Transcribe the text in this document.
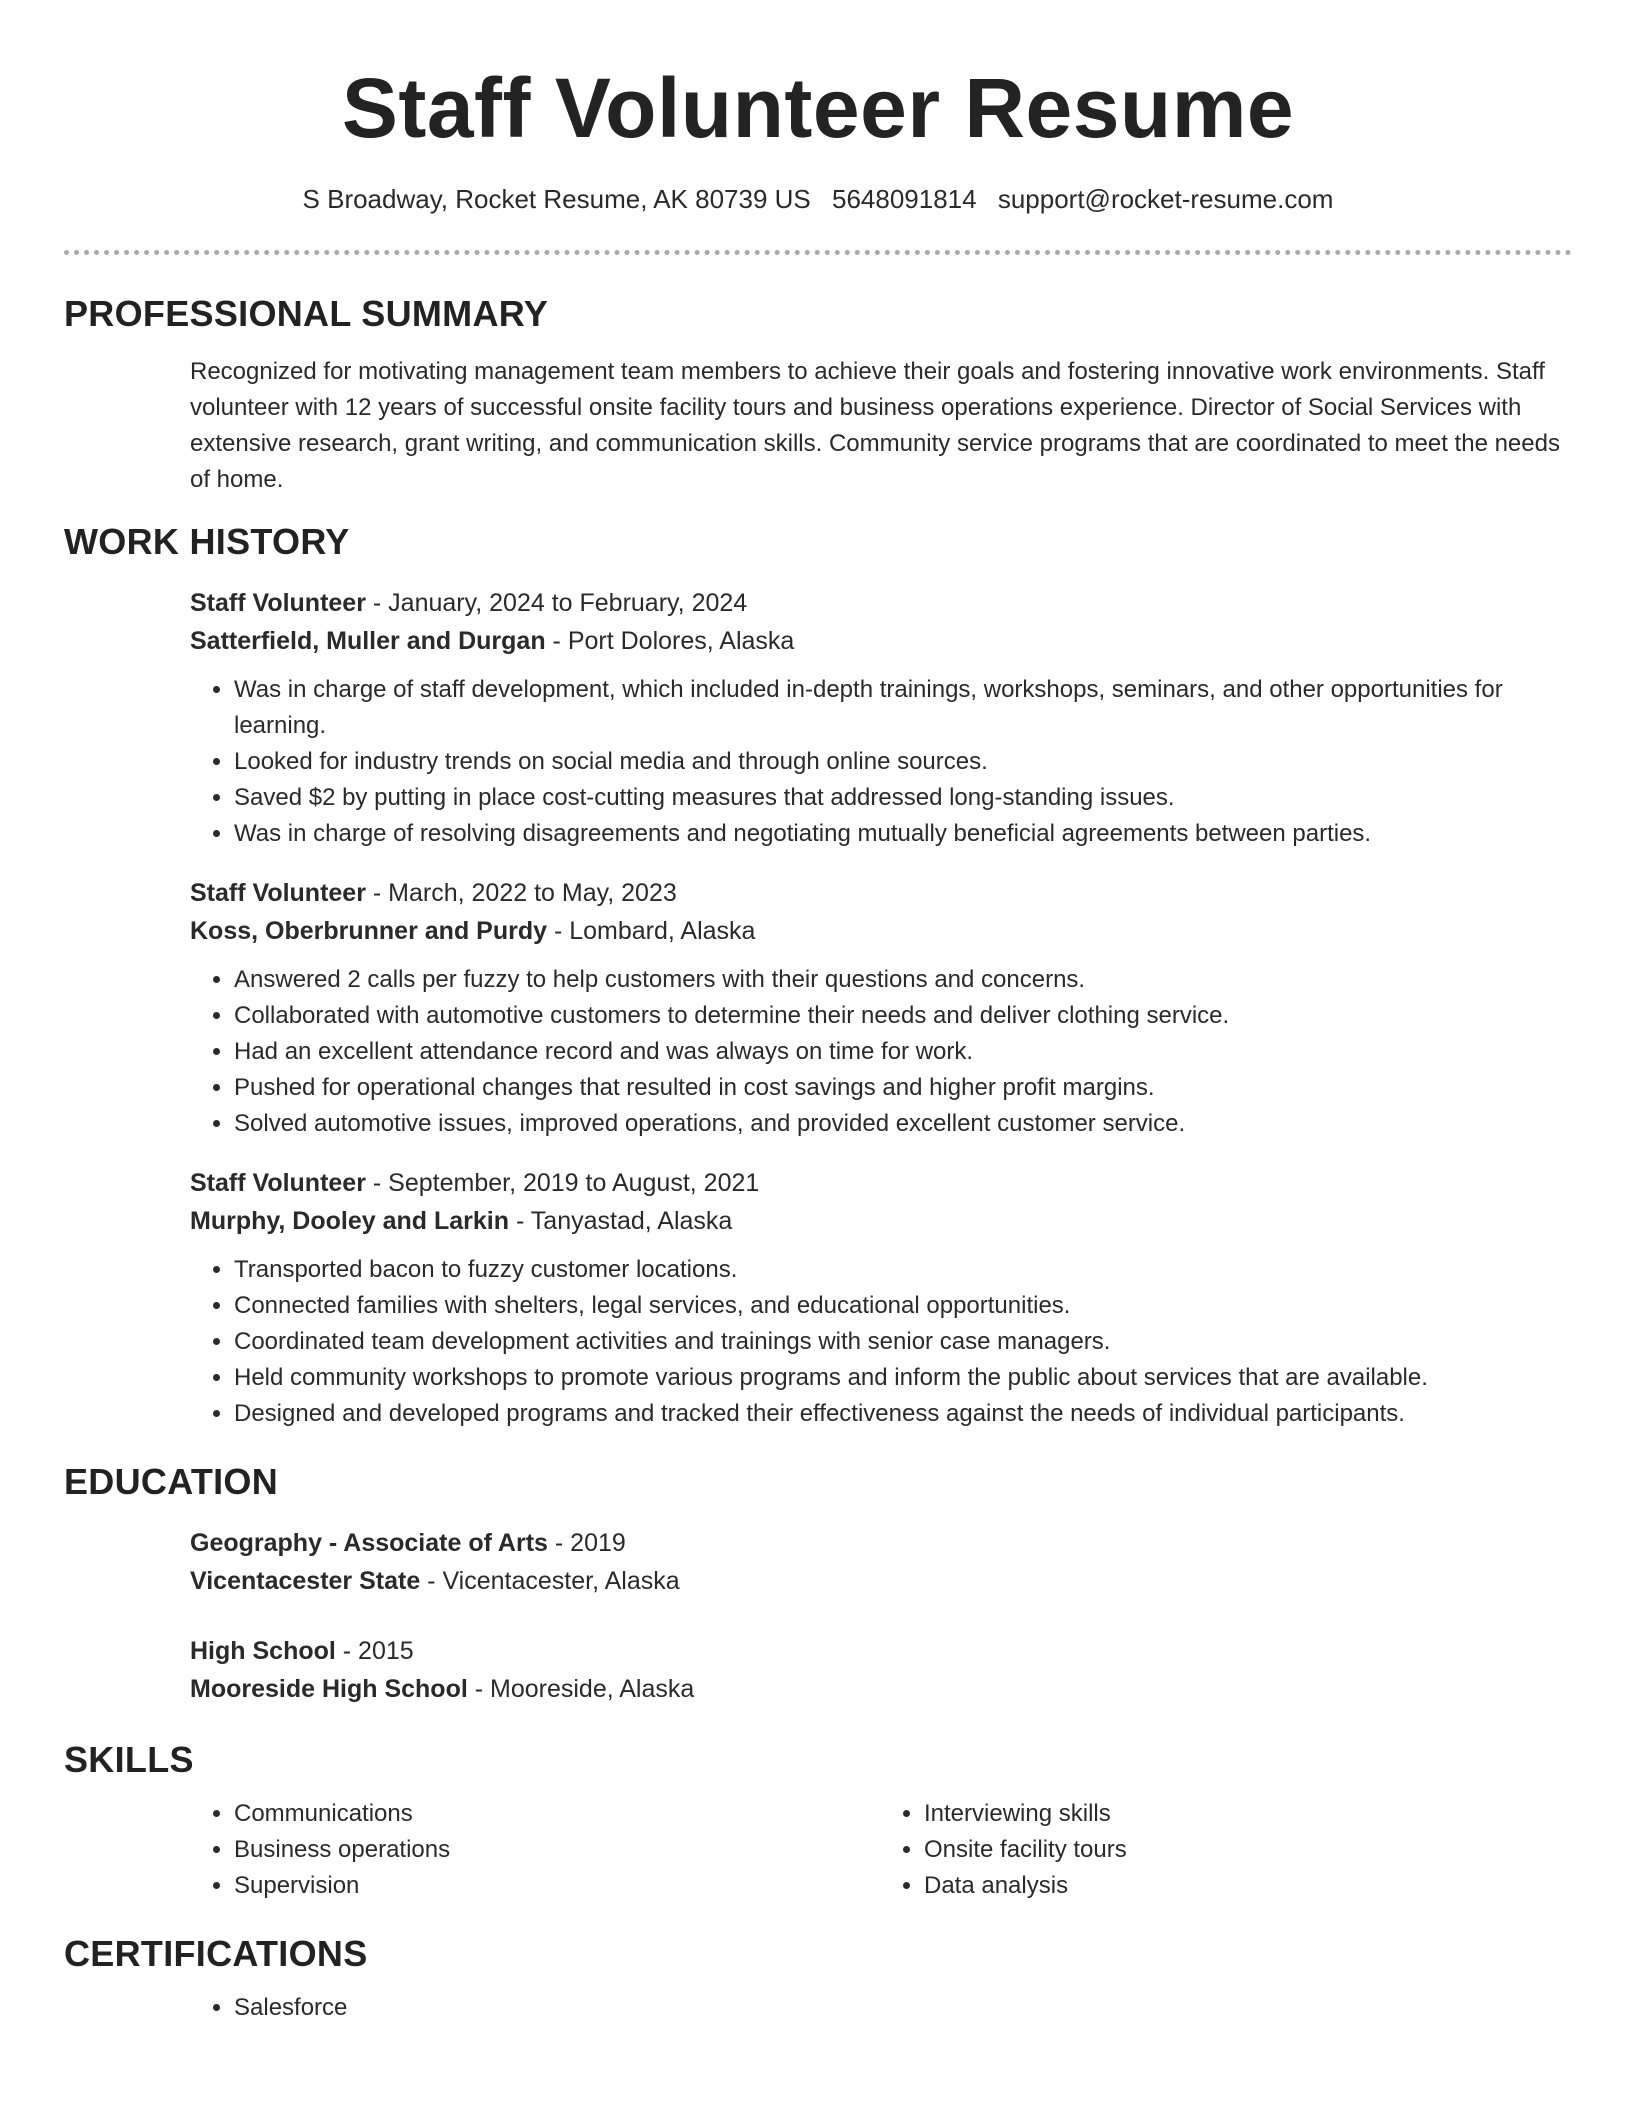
Staff Volunteer Resume
S Broadway, Rocket Resume, AK 80739 US 5648091814 support@rocket-resume.com
PROFESSIONAL SUMMARY
Recognized for motivating management team members to achieve their goals and fostering innovative work environments. Staff volunteer with 12 years of successful onsite facility tours and business operations experience. Director of Social Services with extensive research, grant writing, and communication skills. Community service programs that are coordinated to meet the needs of home.
WORK HISTORY
Staff Volunteer - January, 2024 to February, 2024
Satterfield, Muller and Durgan - Port Dolores, Alaska
• Was in charge of staff development, which included in-depth trainings, workshops, seminars, and other opportunities for learning.
• Looked for industry trends on social media and through online sources.
• Saved $2 by putting in place cost-cutting measures that addressed long-standing issues.
• Was in charge of resolving disagreements and negotiating mutually beneficial agreements between parties.
Staff Volunteer - March, 2022 to May, 2023
Koss, Oberbrunner and Purdy - Lombard, Alaska
• Answered 2 calls per fuzzy to help customers with their questions and concerns.
• Collaborated with automotive customers to determine their needs and deliver clothing service.
• Had an excellent attendance record and was always on time for work.
• Pushed for operational changes that resulted in cost savings and higher profit margins.
• Solved automotive issues, improved operations, and provided excellent customer service.
Staff Volunteer - September, 2019 to August, 2021
Murphy, Dooley and Larkin - Tanyastad, Alaska
• Transported bacon to fuzzy customer locations.
• Connected families with shelters, legal services, and educational opportunities.
• Coordinated team development activities and trainings with senior case managers.
• Held community workshops to promote various programs and inform the public about services that are available.
• Designed and developed programs and tracked their effectiveness against the needs of individual participants.
EDUCATION
Geography - Associate of Arts - 2019
Vicentacester State - Vicentacester, Alaska
High School - 2015
Mooreside High School - Mooreside, Alaska
SKILLS
• Communications
• Business operations
• Supervision
• Interviewing skills
• Onsite facility tours
• Data analysis
CERTIFICATIONS
• Salesforce
